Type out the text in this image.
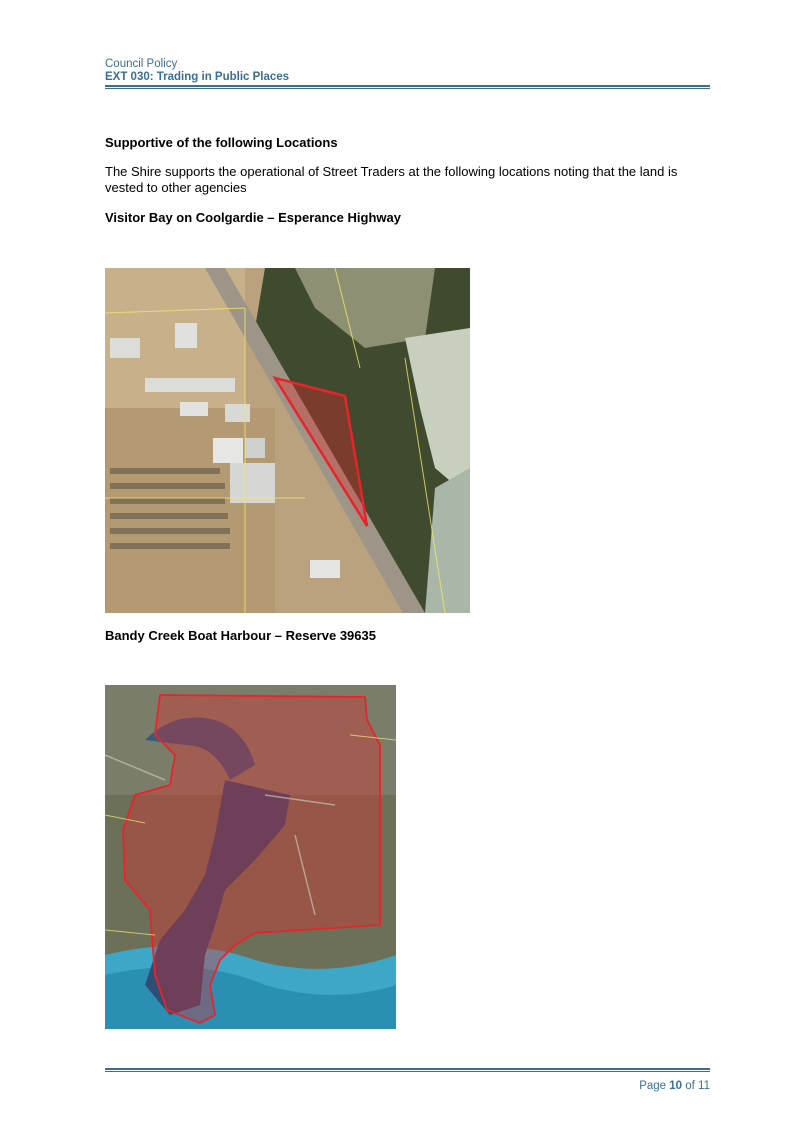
Council Policy
EXT 030: Trading in Public Places
Supportive of the following Locations
The Shire supports the operational of Street Traders at the following locations noting that the land is vested to other agencies
Visitor Bay on Coolgardie – Esperance Highway
Bandy Creek Boat Harbour – Reserve 39635
Page 10 of 11
